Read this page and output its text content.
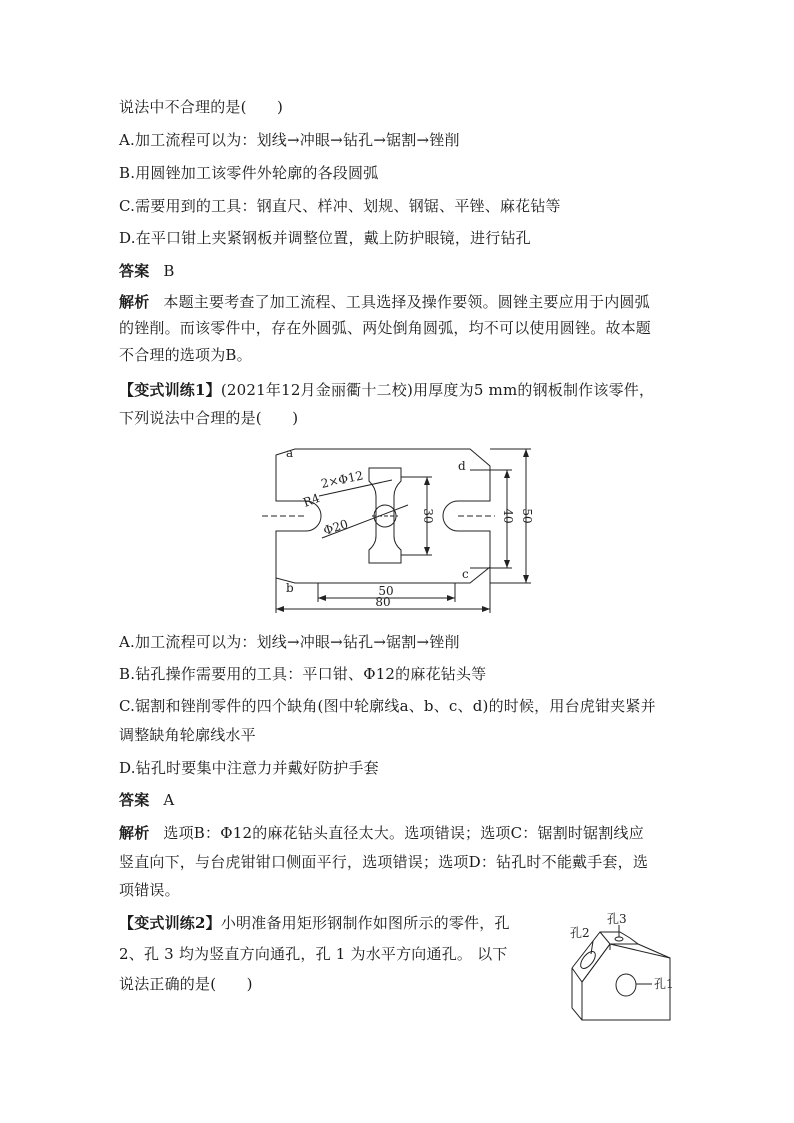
说法中不合理的是(　　)
A.加工流程可以为：划线→冲眼→钻孔→锯割→锉削
B.用圆锉加工该零件外轮廓的各段圆弧
C.需要用到的工具：钢直尺、样冲、划规、钢锯、平锉、麻花钻等
D.在平口钳上夹紧钢板并调整位置，戴上防护眼镜，进行钻孔
答案 B
解析 本题主要考查了加工流程、工具选择及操作要领。圆锉主要应用于内圆弧
的锉削。而该零件中，存在外圆弧、两处倒角圆弧，均不可以使用圆锉。故本题
不合理的选项为B。
【变式训练1】(2021年12月金丽衢十二校)用厚度为5 mm的钢板制作该零件，
下列说法中合理的是(　　)
a
b
c
d
2×Φ12
R4
Φ20
30	40 50
50
80
A.加工流程可以为：划线→冲眼→钻孔→锯割→锉削
B.钻孔操作需要用的工具：平口钳、Φ12的麻花钻头等
C.锯割和锉削零件的四个缺角(图中轮廓线a、b、c、d)的时候，用台虎钳夹紧并
调整缺角轮廓线水平
D.钻孔时要集中注意力并戴好防护手套
答案 A
解析 选项B：Φ12的麻花钻头直径太大。选项错误；选项C：锯割时锯割线应
竖直向下，与台虎钳钳口侧面平行，选项错误；选项D：钻孔时不能戴手套，选
项错误。
【变式训练2】小明准备用矩形钢制作如图所示的零件，孔
2、孔 3 均为竖直方向通孔，孔 1 为水平方向通孔。 以下
说法正确的是(　　)
孔2
孔3
孔1
